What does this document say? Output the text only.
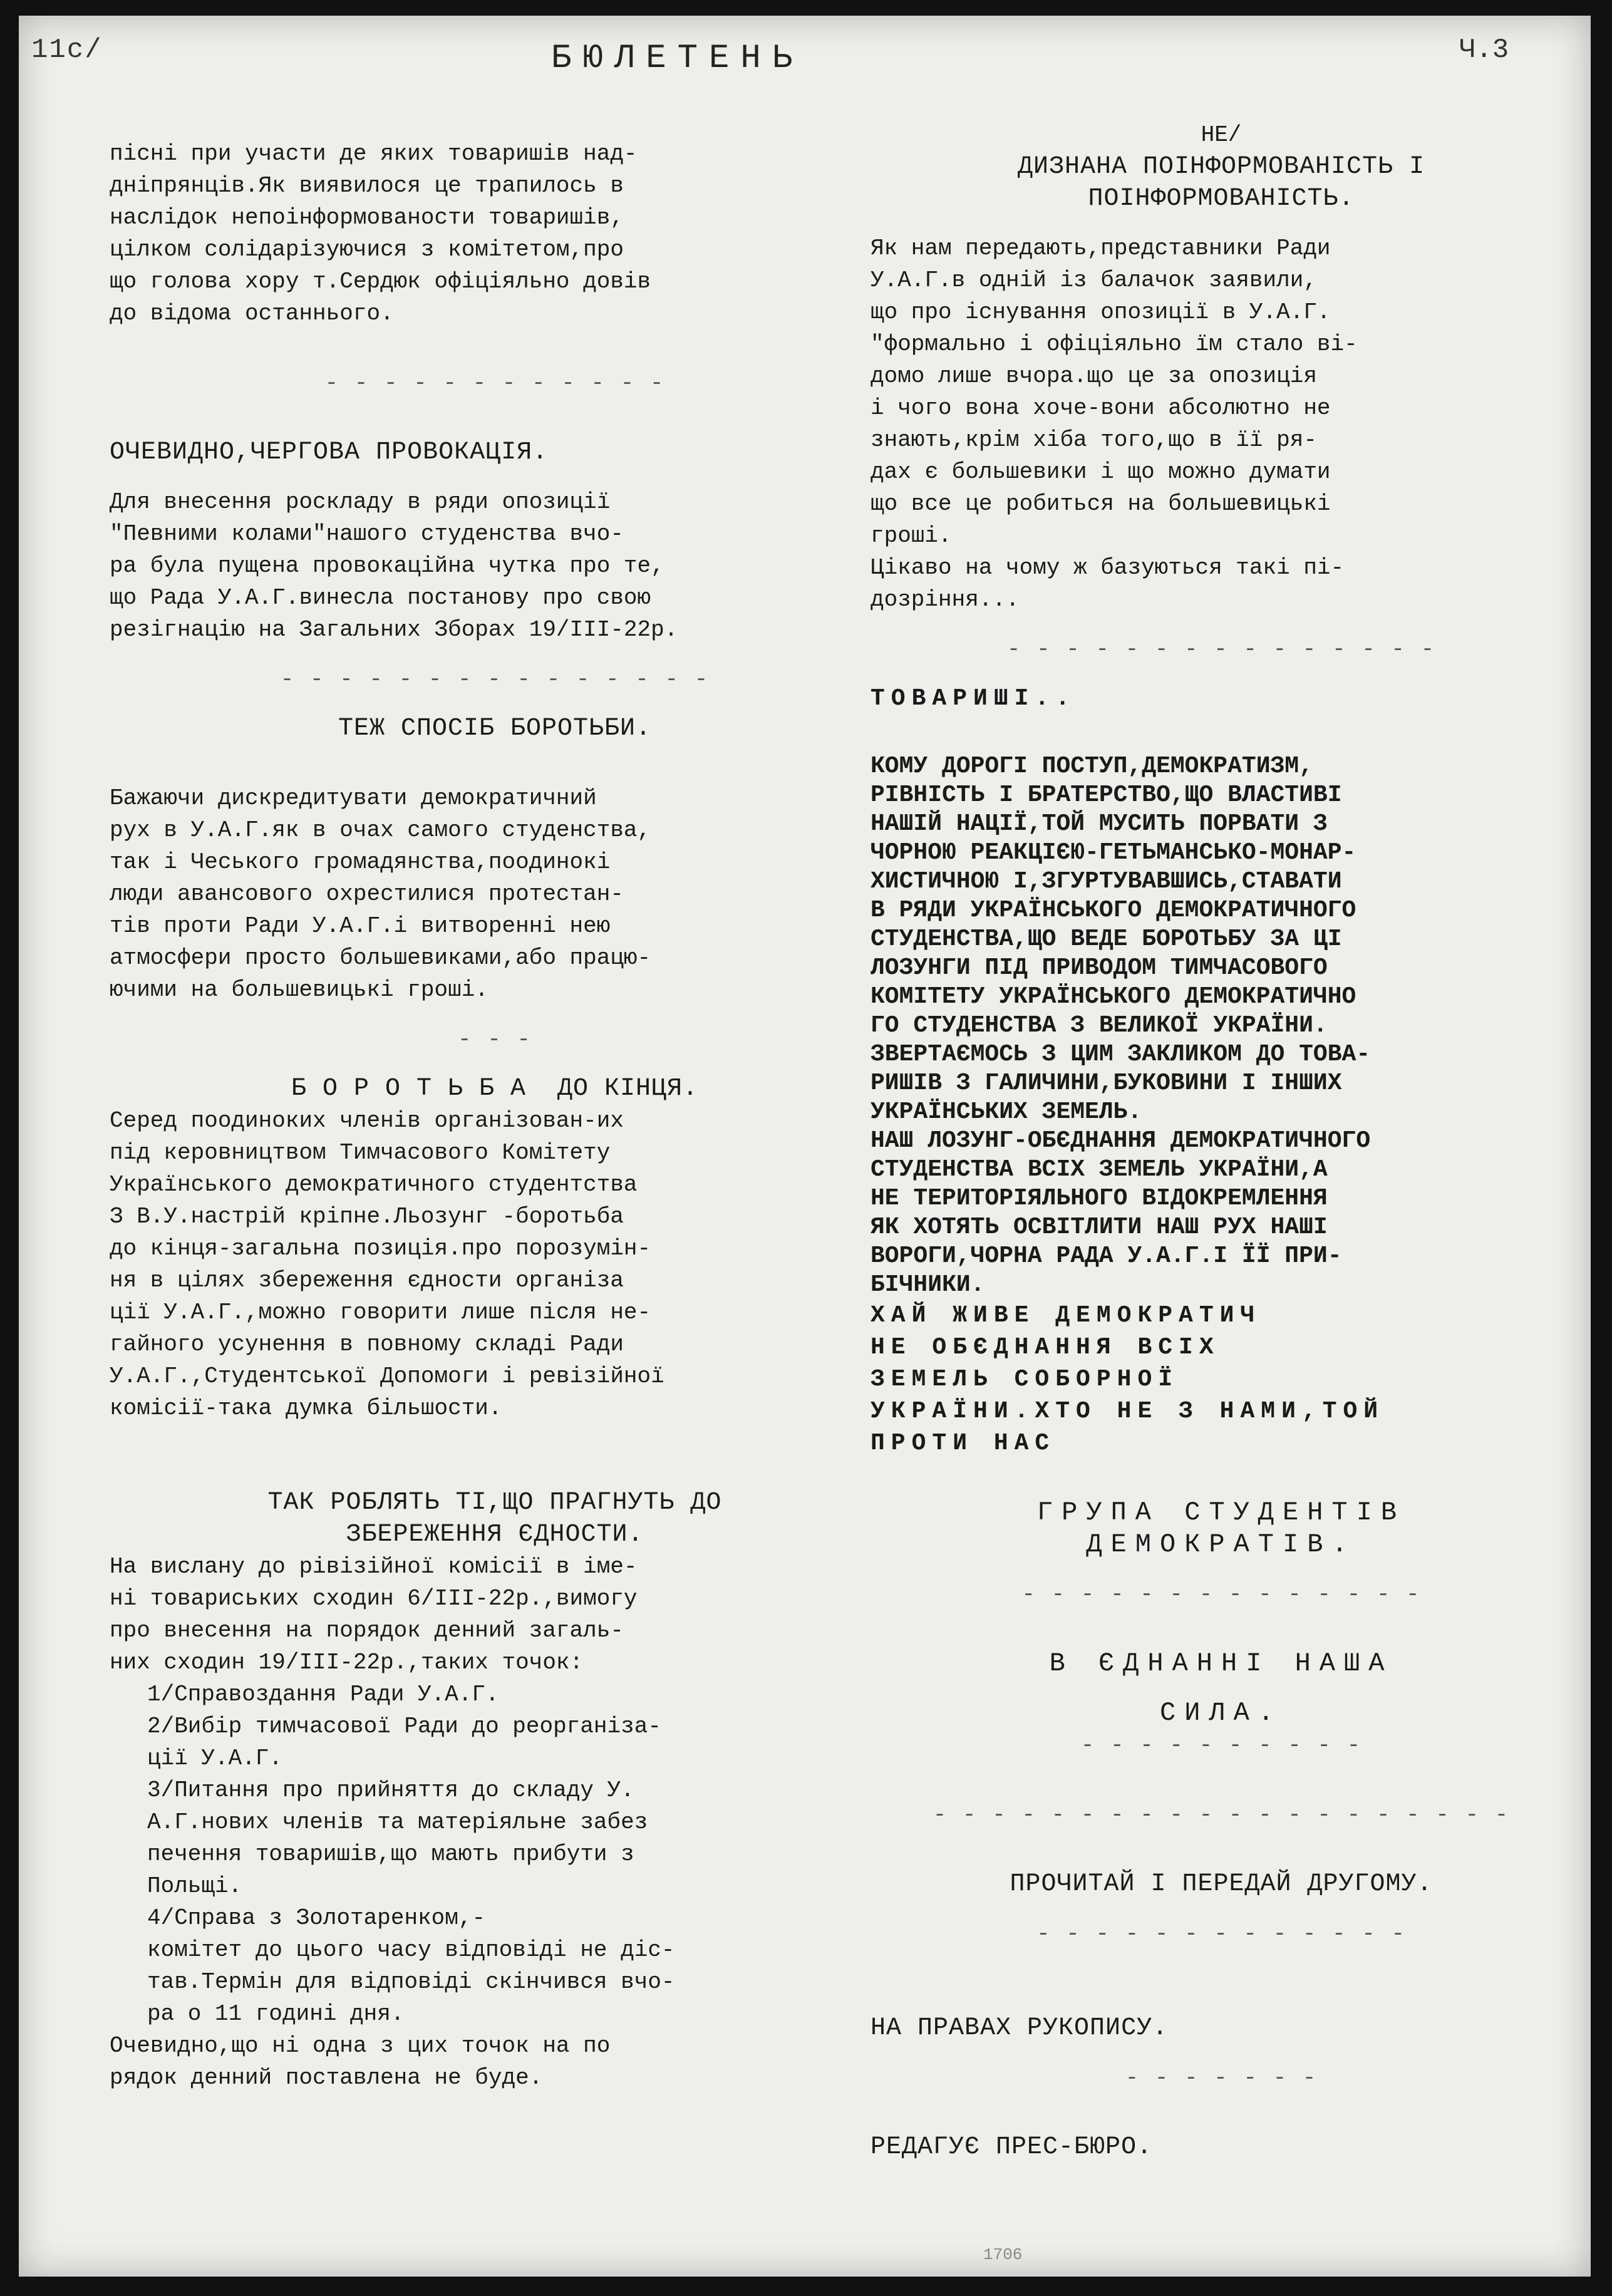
11с/	БЮЛЕТЕНЬ	Ч.3

пісні при участи де яких товаришів над-

дніпрянців.Як виявилося це трапилось в

наслідок непоінформованости товаришів,

цілком солідарізуючися з комітетом,про

що голова хору т.Сердюк офіціяльно довів

до відома останнього.

- - - - - - - - - - - -

ОЧЕВИДНО,ЧЕРГОВА ПРОВОКАЦІЯ.

Для внесення роскладу в ряди опозиції

"Певними колами"нашого студенства вчо-

ра була пущена провокаційна чутка про те,

що Рада У.А.Г.винесла постанову про свою

резігнацію на Загальних Зборах 19/ІІІ-22р.

- - - - - - - - - - - - - - -

ТЕЖ СПОСІБ БОРОТЬБИ.

Бажаючи дискредитувати демократичний

рух в У.А.Г.як в очах самого студенства,

так і Чеського громадянства,поодинокі

люди авансового охрестилися протестан-

тів проти Ради У.А.Г.і витворенні нею

атмосфери просто большевиками,або працю-

ючими на большевицькі гроші.

- - -

Б О Р О Т Ь Б А  ДО КІНЦЯ.

Серед поодиноких членів організован-их

під керовництвом Тимчасового Комітету

Українського демократичного студентства

З В.У.настрій кріпне.Льозунг -боротьба

до кінця-загальна позиція.про порозумін-

ня в цілях збереження єдности організа

ції У.А.Г.,можно говорити лише після не-

гайного усунення в повному складі Ради

У.А.Г.,Студентської Допомоги і ревізійної

комісії-така думка більшости.

ТАК РОБЛЯТЬ ТІ,ЩО ПРАГНУТЬ ДО

ЗБЕРЕЖЕННЯ ЄДНОСТИ.

На вислану до рівізійної комісії в іме-

ні товариських сходин 6/ІІІ-22р.,вимогу

про внесення на порядок денний загаль-

них сходин 19/ІІІ-22р.,таких точок:

1/Справоздання Ради У.А.Г.

2/Вибір тимчасової Ради до реорганіза-

ції У.А.Г.

3/Питання про прийняття до складу У.

А.Г.нових членів та матеріяльне забез

печення товаришів,що мають прибути з

Польщі.

4/Справа з Золотаренком,-

комітет до цього часу відповіді не діс-

тав.Термін для відповіді скінчився вчо-

ра о 11 годині дня.

Очевидно,що ні одна з цих точок на по

рядок денний поставлена не буде.

НЕ/

ДИЗНАНА ПОІНФОРМОВАНІСТЬ І

ПОІНФОРМОВАНІСТЬ.

Як нам передають,представники Ради

У.А.Г.в одній із балачок заявили,

що про існування опозиції в У.А.Г.

"формально і офіціяльно їм стало ві-

домо лише вчора.що це за опозиція

і чого вона хоче-вони абсолютно не

знають,крім хіба того,що в її ря-

дах є большевики і що можно думати

що все це робиться на большевицькі

гроші.

Цікаво на чому ж базуються такі пі-

дозріння...

- - - - - - - - - - - - - - -

ТОВАРИШІ..

КОМУ ДОРОГІ ПОСТУП,ДЕМОКРАТИЗМ,

РІВНІСТЬ І БРАТЕРСТВО,ЩО ВЛАСТИВІ

НАШІЙ НАЦІЇ,ТОЙ МУСИТЬ ПОРВАТИ З

ЧОРНОЮ РЕАКЦІЄЮ-ГЕТЬМАНСЬКО-МОНАР-

ХИСТИЧНОЮ І,ЗГУРТУВАВШИСЬ,СТАВАТИ

В РЯДИ УКРАЇНСЬКОГО ДЕМОКРАТИЧНОГО

СТУДЕНСТВА,ЩО ВЕДЕ БОРОТЬБУ ЗА ЦІ

ЛОЗУНГИ ПІД ПРИВОДОМ ТИМЧАСОВОГО

КОМІТЕТУ УКРАЇНСЬКОГО ДЕМОКРАТИЧНО

ГО СТУДЕНСТВА З ВЕЛИКОЇ УКРАЇНИ.

ЗВЕРТАЄМОСЬ З ЦИМ ЗАКЛИКОМ ДО ТОВА-

РИШІВ З ГАЛИЧИНИ,БУКОВИНИ І ІНШИХ

УКРАЇНСЬКИХ ЗЕМЕЛЬ.

НАШ ЛОЗУНГ-ОБЄДНАННЯ ДЕМОКРАТИЧНОГО

СТУДЕНСТВА ВСІХ ЗЕМЕЛЬ УКРАЇНИ,А

НЕ ТЕРИТОРІЯЛЬНОГО ВІДОКРЕМЛЕННЯ

ЯК ХОТЯТЬ ОСВІТЛИТИ НАШ РУХ НАШІ

ВОРОГИ,ЧОРНА РАДА У.А.Г.І ЇЇ ПРИ-

БІЧНИКИ.

ХАЙ ЖИВЕ ДЕМОКРАТИЧ

НЕ ОБЄДНАННЯ ВСІХ

ЗЕМЕЛЬ СОБОРНОЇ

УКРАЇНИ.ХТО НЕ З НАМИ,ТОЙ

ПРОТИ НАС

ГРУПА СТУДЕНТІВ

ДЕМОКРАТІВ.

- - - - - - - - - - - - - -

В ЄДНАННІ НАША

СИЛА.

- - - - - - - - - -

- - - - - - - - - - - - - - - - - - - -

ПРОЧИТАЙ І ПЕРЕДАЙ ДРУГОМУ.

- - - - - - - - - - - - -

НА ПРАВАХ РУКОПИСУ.

- - - - - - -

РЕДАГУЄ ПРЕС-БЮРО.

1706
